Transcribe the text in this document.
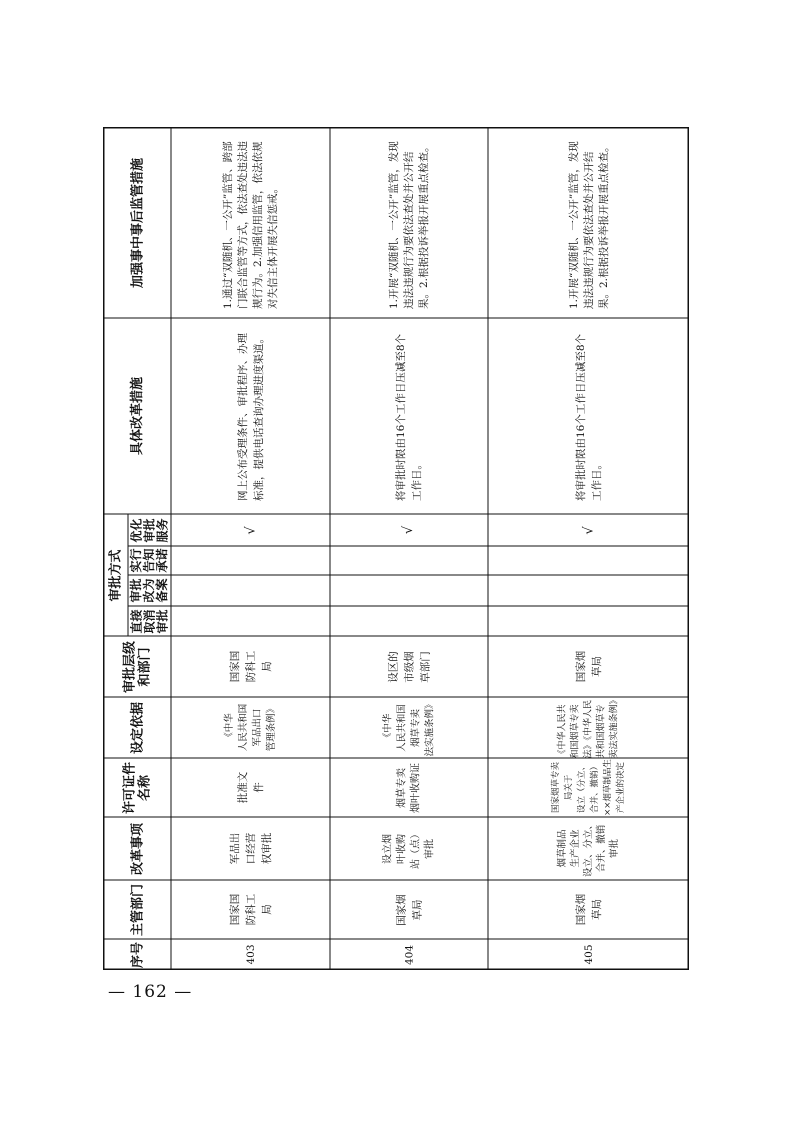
序号
主管部门
改革事项
许可证件
名称
设定依据
审批层级
和部门
审批方式
直接
取消
审批
审批
改为
备案
实行
告知
承诺
优化
审批
服务
具体改革措施
加强事中事后监管措施
403
国家国
防科工
局
军品出
口经营
权审批
批准文
件
《中华
人民共和国
军品出口
管理条例》
国家国
防科工
局
√
网上公布受理条件、审批程序、办理标准，提供电话查询办理进度渠道。
1.通过“双随机、一公开”监管、跨部门联合监管等方式，依法查处违法违规行为。2.加强信用监管，依法依规对失信主体开展失信惩戒。
404
国家烟
草局
设立烟
叶收购
站（点）
审批
烟草专卖
烟叶收购证
《中华
人民共和国
烟草专卖
法实施条例》
设区的
市级烟
草部门
√
将审批时限由16个工作日压减至8个工作日。
1.开展“双随机、一公开”监管，发现违法违规行为要依法查处并公开结果。2.根据投诉举报开展重点检查。
405
国家烟
草局
烟草制品
生产企业
设立、分立、
合并、撤销
审批
国家烟草专卖局关于
设立（分立、合并、撤销）
××烟草制品生产企业的决定
《中华人民共和国烟草专卖法》《中华人民共和国烟草专卖法实施条例》
国家烟
草局
√
将审批时限由16个工作日压减至8个工作日。
1.开展“双随机、一公开”监管，发现违法违规行为要依法查处并公开结果。2.根据投诉举报开展重点检查。
— 162 —
